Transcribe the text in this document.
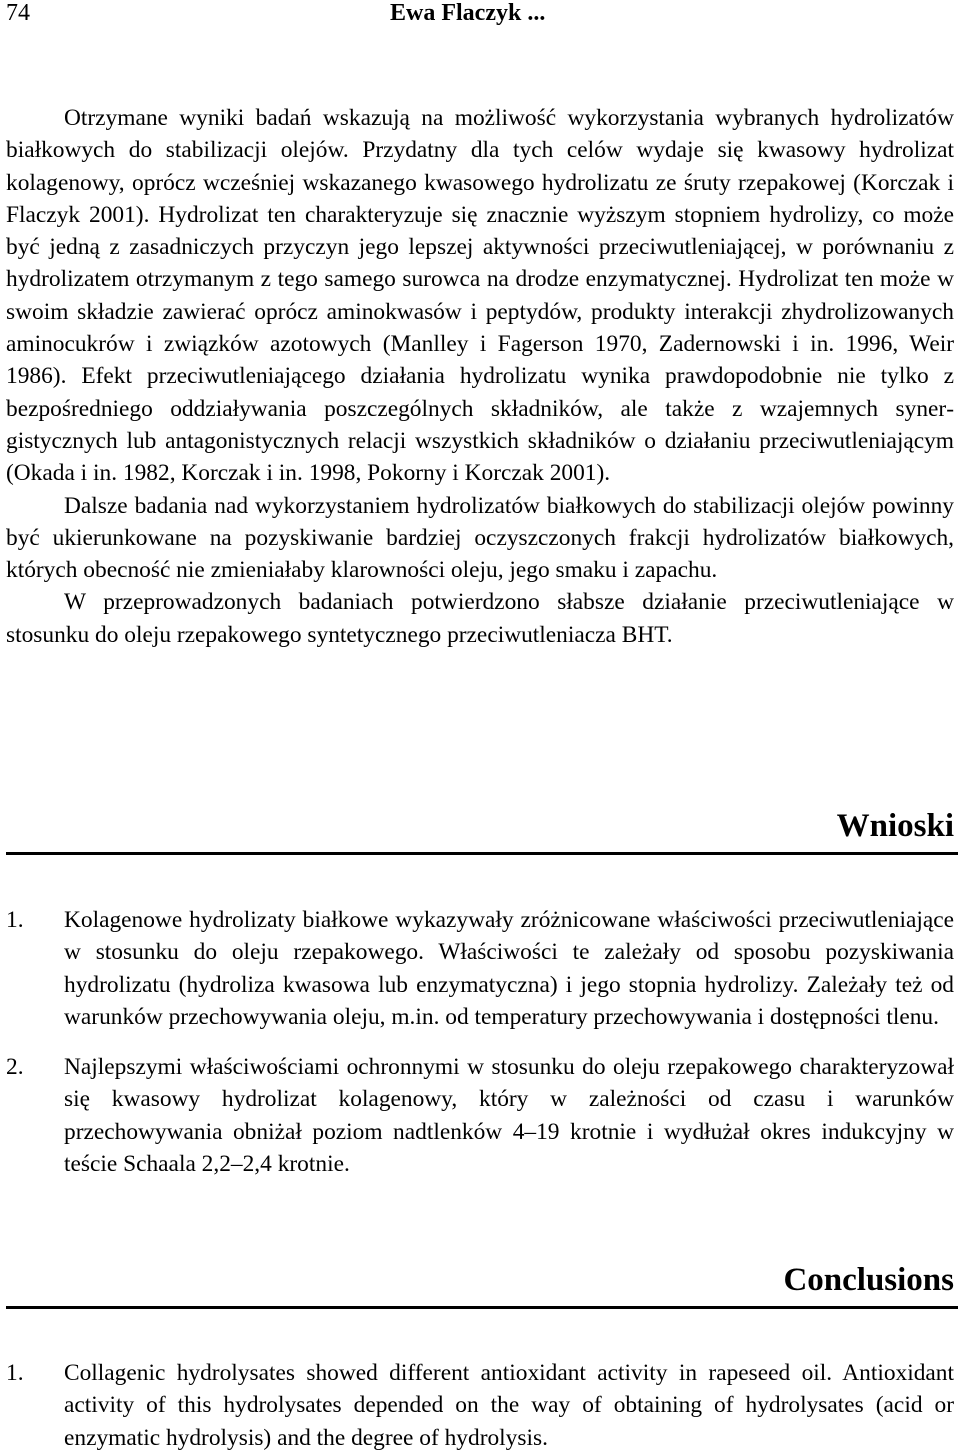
74	Ewa Flaczyk ...

Otrzymane wyniki badań wskazują na możliwość wykorzystania wybranych hydrolizatów białkowych do stabilizacji olejów. Przydatny dla tych celów wydaje się kwasowy hydrolizat kolagenowy, oprócz wcześniej wskazanego kwasowego hydrolizatu ze śruty rzepakowej (Korczak i Flaczyk 2001). Hydrolizat ten charakteryzuje się znacznie wyższym stopniem hydrolizy, co może być jedną z zasadniczych przyczyn jego lepszej aktywności przeciwutleniającej, w porównaniu z hydrolizatem otrzymanym z tego samego surowca na drodze enzymatycznej. Hydrolizat ten może w swoim składzie zawierać oprócz aminokwasów i peptydów, produkty interakcji zhydrolizowanych aminocukrów i związków azotowych (Manlley i Fagerson 1970, Zadernowski i in. 1996, Weir 1986). Efekt przeciwutleniającego działania hydrolizatu wynika prawdopodobnie nie tylko z bezpośredniego oddziaływania poszczególnych składników, ale także z wzajemnych synergistycznych lub antagonistycznych relacji wszystkich składników o działaniu przeciwutleniającym (Okada i in. 1982, Korczak i in. 1998, Pokorny i Korczak 2001).

Dalsze badania nad wykorzystaniem hydrolizatów białkowych do stabilizacji olejów powinny być ukierunkowane na pozyskiwanie bardziej oczyszczonych frakcji hydrolizatów białkowych, których obecność nie zmieniałaby klarowności oleju, jego smaku i zapachu.

W przeprowadzonych badaniach potwierdzono słabsze działanie przeciwutleniające w stosunku do oleju rzepakowego syntetycznego przeciwutleniacza BHT.

Wnioski
1. Kolagenowe hydrolizaty białkowe wykazywały zróżnicowane właściwości przeciwutleniające w stosunku do oleju rzepakowego. Właściwości te zależały od sposobu pozyskiwania hydrolizatu (hydroliza kwasowa lub enzymatyczna) i jego stopnia hydrolizy. Zależały też od warunków przechowywania oleju, m.in. od temperatury przechowywania i dostępności tlenu.
2. Najlepszymi właściwościami ochronnymi w stosunku do oleju rzepakowego charakteryzował się kwasowy hydrolizat kolagenowy, który w zależności od czasu i warunków przechowywania obniżał poziom nadtlenków 4–19 krotnie i wydłużał okres indukcyjny w teście Schaala 2,2–2,4 krotnie.
Conclusions
1. Collagenic hydrolysates showed different antioxidant activity in rapeseed oil. Antioxidant activity of this hydrolysates depended on the way of obtaining of hydrolysates (acid or enzymatic hydrolysis) and the degree of hydrolysis.
